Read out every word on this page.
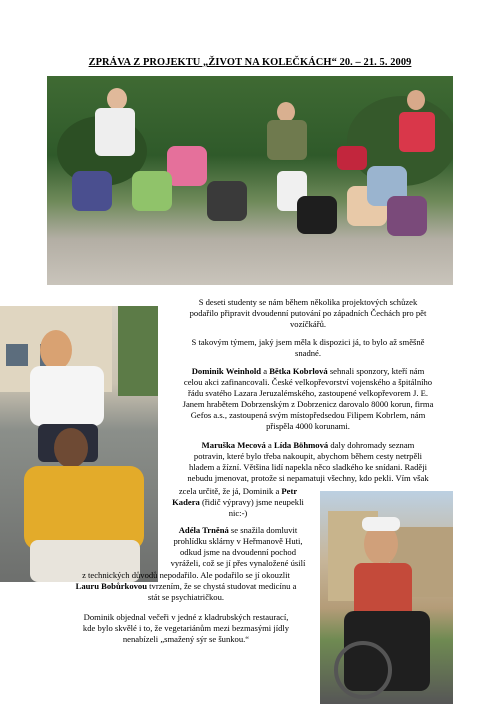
ZPRÁVA Z PROJEKTU „ŽIVOT NA KOLEČKÁCH“ 20. – 21. 5. 2009
S deseti studenty se nám během několika projektových schůzek
podařilo připravit dvoudenní putování po západních Čechách pro pět
vozíčkářů.
S takovým týmem, jaký jsem měla k dispozici já, to bylo až směšně
snadné.
Dominik Weinhold a Bětka Kobrlová sehnali sponzory, kteří nám
celou akci zafinancovali. České velkopřevorství vojenského a špitálního
řádu svatého Lazara Jeruzalémského, zastoupené velkopřevorem J. E.
Janem hrabětem Dobrzenským z Dobrzenicz darovalo 8000 korun, firma
Gefos a.s., zastoupená svým místopředsedou Filipem Kobrlem, nám
přispěla 4000 korunami.
Maruška Mecová a Lída Böhmová daly dohromady seznam
potravin, které bylo třeba nakoupit, abychom během cesty netrpěli
hladem a žízní. Většina lidí napekla něco sladkého ke snídani. Raději
nebudu jmenovat, protože si nepamatuji všechny, kdo pekli. Vím však
zcela určitě, že já, Dominik a Petr
Kadera (řidič výpravy) jsme neupekli
nic:-)
Adéla Trněná se snažila domluvit
prohlídku sklárny v Heřmanově Huti,
odkud jsme na dvoudenní pochod
vyráželi, což se jí přes vynaložené úsilí
z technických důvodů nepodařilo. Ale podařilo se jí okouzlit
Lauru Bobůrkovou tvrzením, že se chystá studovat medicínu a
stát se psychiatričkou.
Dominik objednal večeři v jedné z kladrubských restaurací,
kde bylo skvělé i to, že vegetariánům mezi bezmasými jídly
nenabízeli „smažený sýr se šunkou.“
